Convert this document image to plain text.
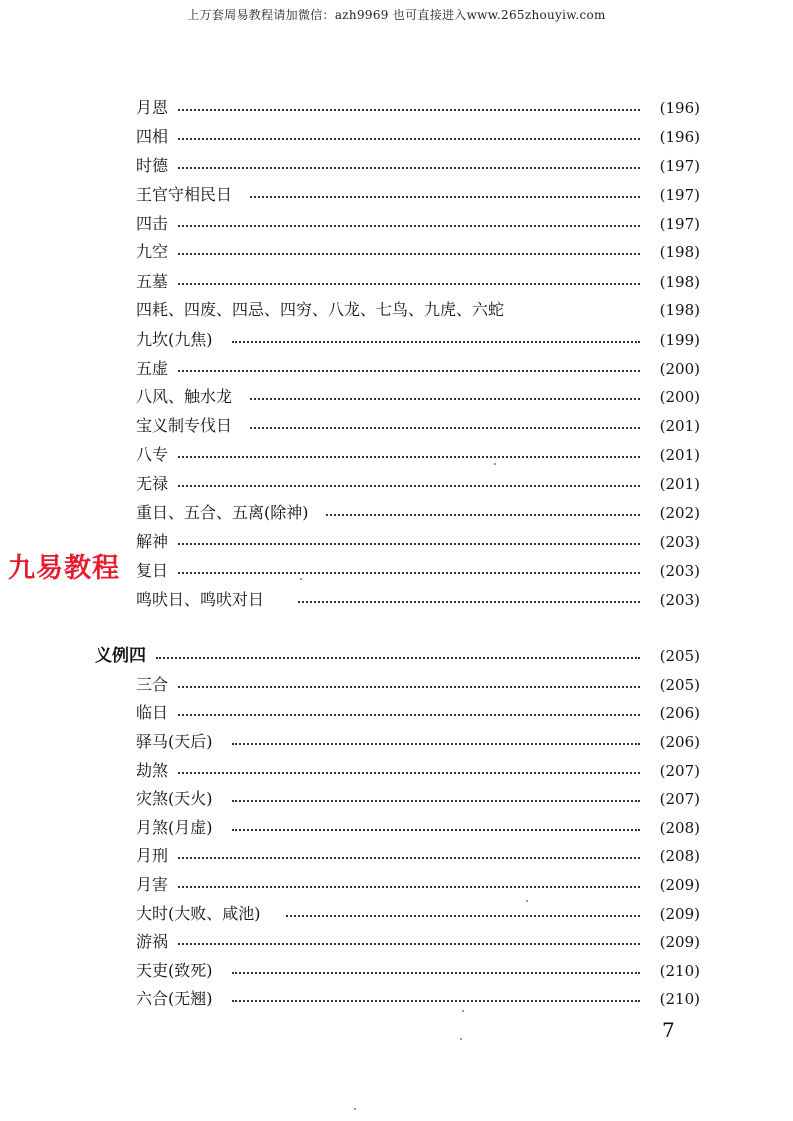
上万套周易教程请加微信：azh9969 也可直接进入www.265zhouyiw.com
月恩	(196)
四相	(196)
时德	(197)
王官守相民日	(197)
四击	(197)
九空	(198)
五墓	(198)
四耗、四废、四忌、四穷、八龙、七鸟、九虎、六蛇	(198)
九坎(九焦)	(199)
五虚	(200)
八风、触水龙	(200)
宝义制专伐日	(201)
八专	(201)
无禄	(201)
重日、五合、五离(除神)	(202)
解神	(203)
复日	(203)
鸣吠日、鸣吠对日	(203)
九易教程
义例四	(205)
三合	(205)
临日	(206)
驿马(天后)	(206)
劫煞	(207)
灾煞(天火)	(207)
月煞(月虚)	(208)
月刑	(208)
月害	(209)
大时(大败、咸池)	(209)
游祸	(209)
天吏(致死)	(210)
六合(无翘)	(210)
7
